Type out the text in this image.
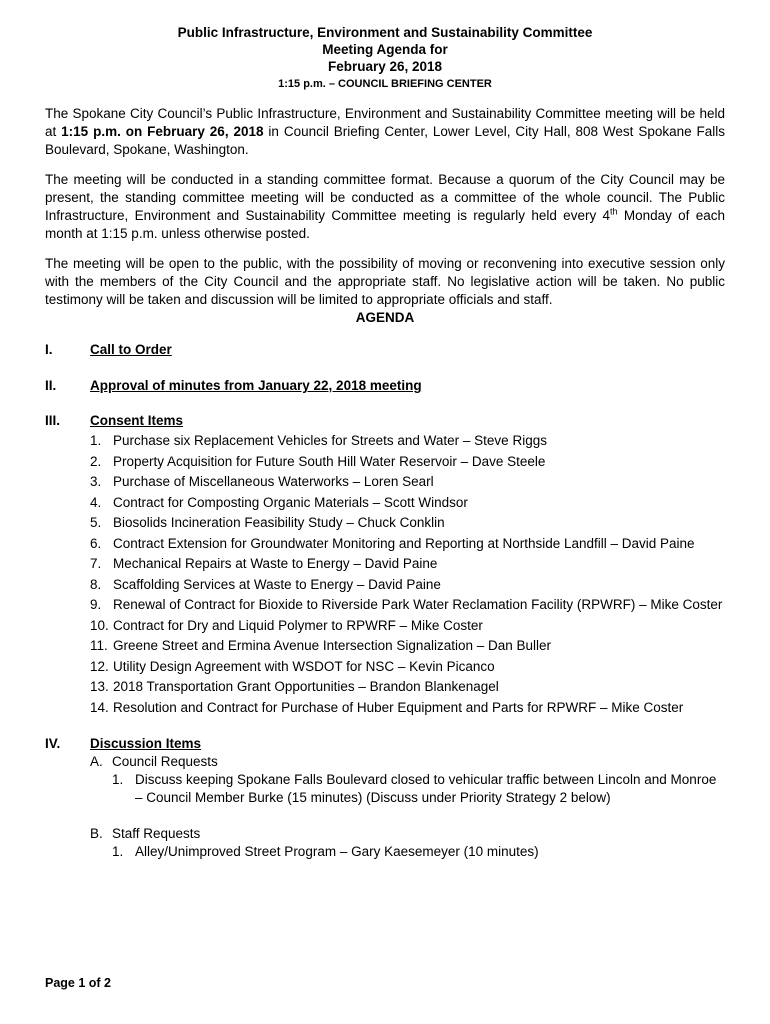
Public Infrastructure, Environment and Sustainability Committee
Meeting Agenda for
February 26, 2018
1:15 p.m. – COUNCIL BRIEFING CENTER

The Spokane City Council’s Public Infrastructure, Environment and Sustainability Committee meeting will be held at 1:15 p.m. on February 26, 2018 in Council Briefing Center, Lower Level, City Hall, 808 West Spokane Falls Boulevard, Spokane, Washington.

The meeting will be conducted in a standing committee format. Because a quorum of the City Council may be present, the standing committee meeting will be conducted as a committee of the whole council. The Public Infrastructure, Environment and Sustainability Committee meeting is regularly held every 4th Monday of each month at 1:15 p.m. unless otherwise posted.

The meeting will be open to the public, with the possibility of moving or reconvening into executive session only with the members of the City Council and the appropriate staff. No legislative action will be taken. No public testimony will be taken and discussion will be limited to appropriate officials and staff.

AGENDA
I.	Call to Order
II. Approval of minutes from January 22, 2018 meeting
III. Consent Items
1. Purchase six Replacement Vehicles for Streets and Water – Steve Riggs
2. Property Acquisition for Future South Hill Water Reservoir – Dave Steele
3. Purchase of Miscellaneous Waterworks – Loren Searl
4. Contract for Composting Organic Materials – Scott Windsor
5. Biosolids Incineration Feasibility Study – Chuck Conklin
6. Contract Extension for Groundwater Monitoring and Reporting at Northside Landfill – David Paine
7. Mechanical Repairs at Waste to Energy – David Paine
8. Scaffolding Services at Waste to Energy – David Paine
9. Renewal of Contract for Bioxide to Riverside Park Water Reclamation Facility (RPWRF) – Mike Coster
10. Contract for Dry and Liquid Polymer to RPWRF – Mike Coster
11. Greene Street and Ermina Avenue Intersection Signalization – Dan Buller
12. Utility Design Agreement with WSDOT for NSC – Kevin Picanco
13. 2018 Transportation Grant Opportunities – Brandon Blankenagel
14. Resolution and Contract for Purchase of Huber Equipment and Parts for RPWRF – Mike Coster
IV. Discussion Items
A. Council Requests
1. Discuss keeping Spokane Falls Boulevard closed to vehicular traffic between Lincoln and Monroe – Council Member Burke (15 minutes) (Discuss under Priority Strategy 2 below)
B. Staff Requests
1. Alley/Unimproved Street Program – Gary Kaesemeyer (10 minutes)
Page 1 of 2
